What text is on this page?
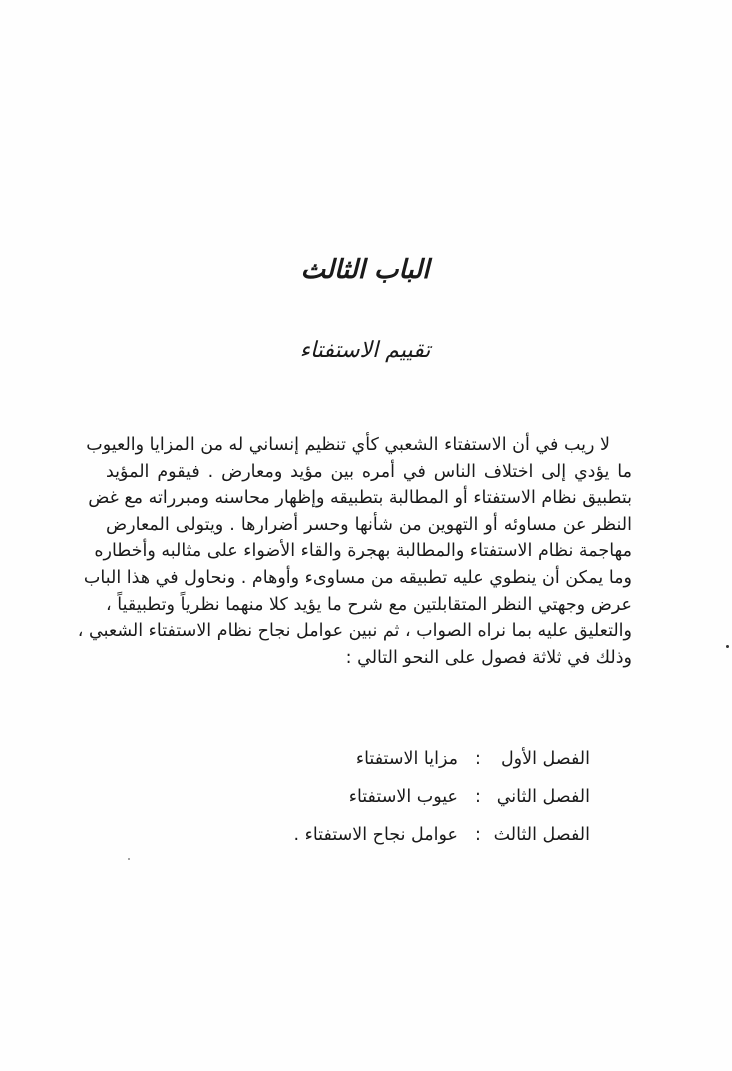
الباب الثالث
تقييم الاستفتاء
لا ريب في أن الاستفتاء الشعبي كأي تنظيم إنساني له من المزايا والعيوب
ما يؤدي إلى اختلاف الناس في أمره بين مؤيد ومعارض . فيقوم المؤيد
بتطبيق نظام الاستفتاء أو المطالبة بتطبيقه وإظهار محاسنه ومبرراته مع غض
النظر عن مساوئه أو التهوين من شأنها وحسر أضرارها . ويتولى المعارض
مهاجمة نظام الاستفتاء والمطالبة بهجرة والقاء الأضواء على مثالبه وأخطاره
وما يمكن أن ينطوي عليه تطبيقه من مساوىء وأوهام . ونحاول في هذا الباب
عرض وجهتي النظر المتقابلتين مع شرح ما يؤيد كلا منهما نظرياً وتطبيقياً ،
والتعليق عليه بما نراه الصواب ، ثم نبين عوامل نجاح نظام الاستفتاء الشعبي ،
وذلك في ثلاثة فصول على النحو التالي :
الفصل الأول
:
مزايا الاستفتاء
الفصل الثاني
:
عيوب الاستفتاء
الفصل الثالث
:
عوامل نجاح الاستفتاء .
